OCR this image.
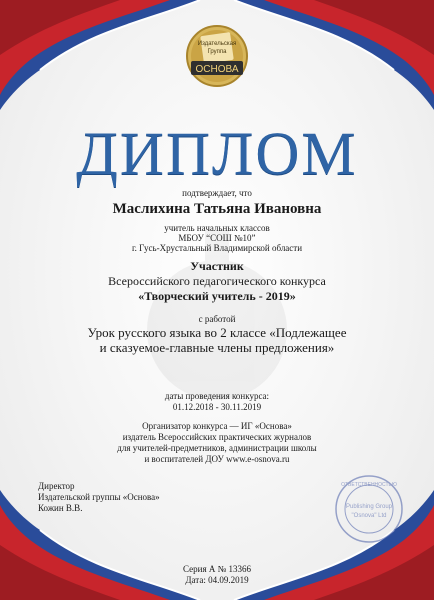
Издательская
Группа
ОСНОВА
ДИПЛОМ
подтверждает, что
Маслихина Татьяна Ивановна
учитель начальных классов
МБОУ “СОШ №10”
г. Гусь-Хрустальный Владимирской области
Участник
Всероссийского педагогического конкурса
«Творческий учитель - 2019»
с работой
Урок русского языка во 2 классе «Подлежащее
и сказуемое-главные члены предложения»
даты проведения конкурса:
01.12.2018 - 30.11.2019
Организатор конкурса — ИГ «Основа»
издатель Всероссийских практических журналов
для учителей-предметников, администрации школы
и воспитателей ДОУ www.e-osnova.ru
Директор
Издательской группы «Основа»
Кожин В.В.
ОТВЕТСТВЕННОСТЬЮ
Publishing Group
"Osnova" Ltd
Серия А № 13366
Дата: 04.09.2019
